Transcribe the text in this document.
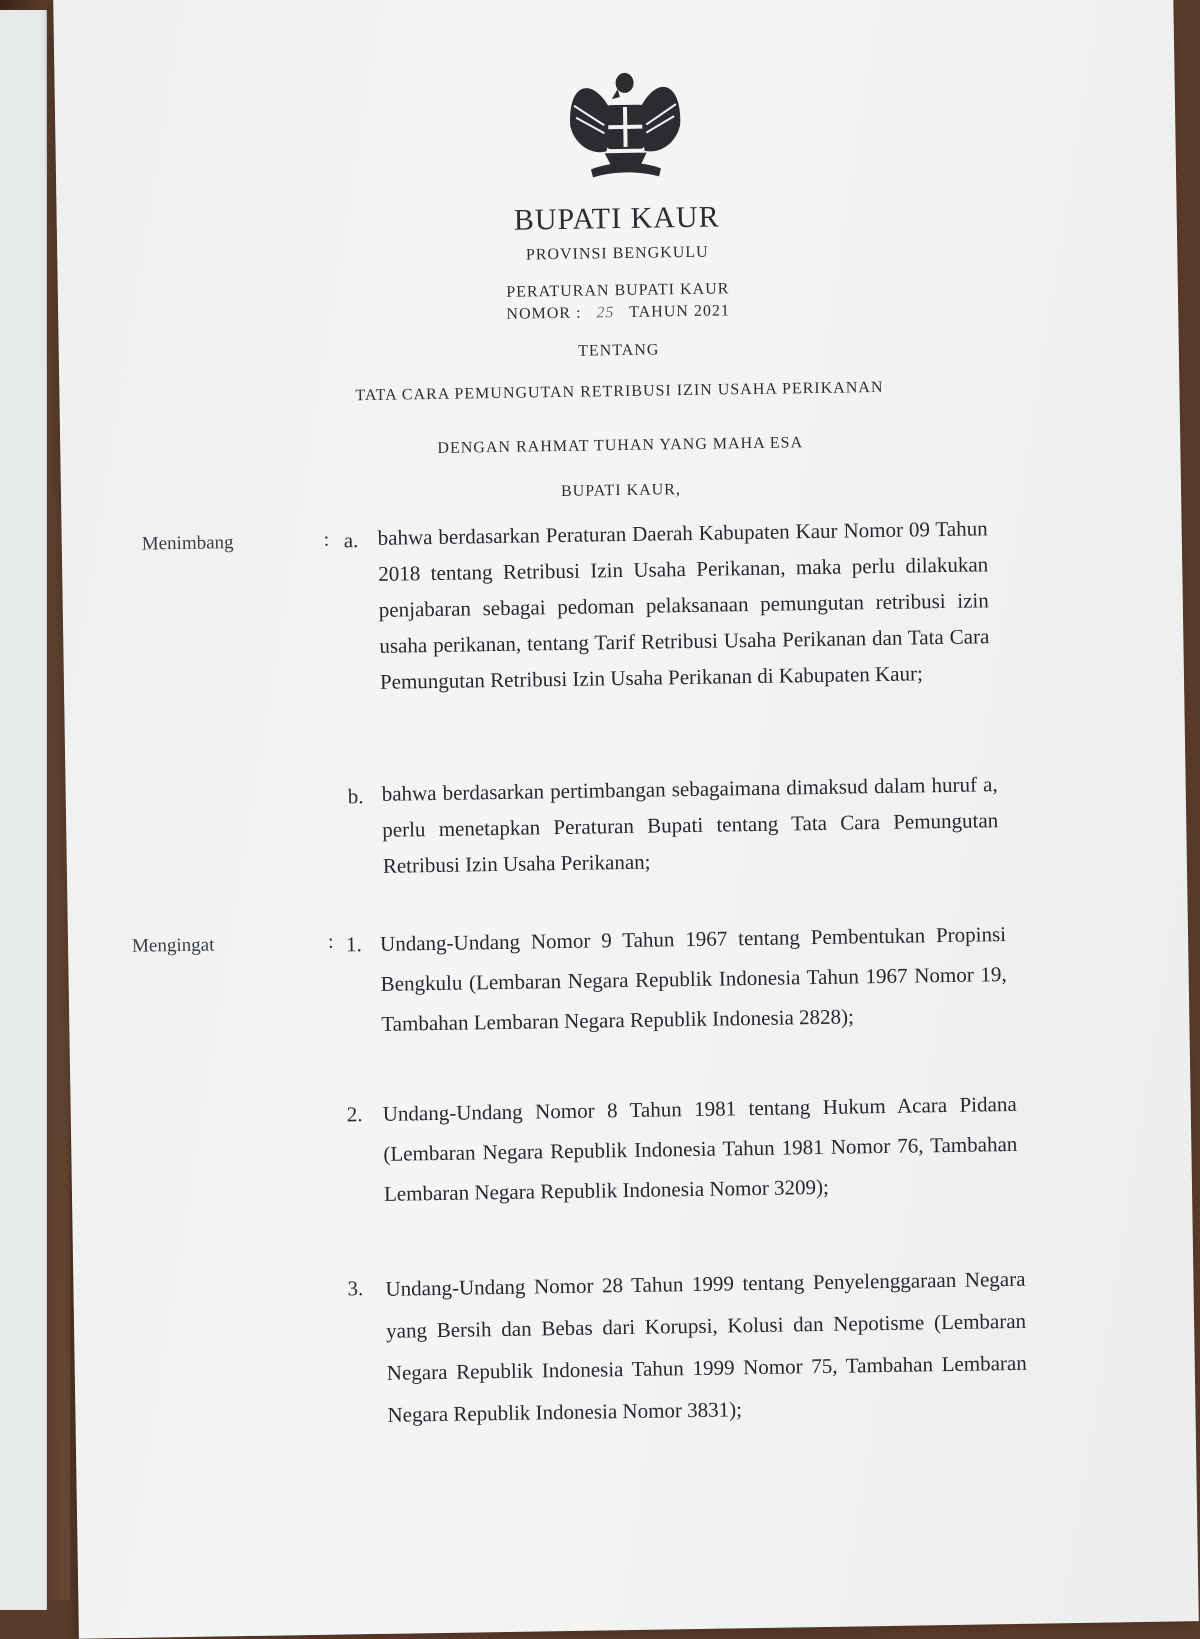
BUPATI KAUR
PROVINSI BENGKULU
PERATURAN BUPATI KAUR
NOMOR : 25 TAHUN 2021
TENTANG
TATA CARA PEMUNGUTAN RETRIBUSI IZIN USAHA PERIKANAN
DENGAN RAHMAT TUHAN YANG MAHA ESA
BUPATI KAUR,
Menimbang	: a. bahwa berdasarkan Peraturan Daerah Kabupaten Kaur Nomor 09 Tahun 2018 tentang Retribusi Izin Usaha Perikanan, maka perlu dilakukan penjabaran sebagai pedoman pelaksanaan pemungutan retribusi izin usaha perikanan, tentang Tarif Retribusi Usaha Perikanan dan Tata Cara Pemungutan Retribusi Izin Usaha Perikanan di Kabupaten Kaur;
b. bahwa berdasarkan pertimbangan sebagaimana dimaksud dalam huruf a, perlu menetapkan Peraturan Bupati tentang Tata Cara Pemungutan Retribusi Izin Usaha Perikanan;
Mengingat	: 1. Undang-Undang Nomor 9 Tahun 1967 tentang Pembentukan Propinsi Bengkulu (Lembaran Negara Republik Indonesia Tahun 1967 Nomor 19, Tambahan Lembaran Negara Republik Indonesia 2828);
2. Undang-Undang Nomor 8 Tahun 1981 tentang Hukum Acara Pidana (Lembaran Negara Republik Indonesia Tahun 1981 Nomor 76, Tambahan Lembaran Negara Republik Indonesia Nomor 3209);
3. Undang-Undang Nomor 28 Tahun 1999 tentang Penyelenggaraan Negara yang Bersih dan Bebas dari Korupsi, Kolusi dan Nepotisme (Lembaran Negara Republik Indonesia Tahun 1999 Nomor 75, Tambahan Lembaran Negara Republik Indonesia Nomor 3831);
